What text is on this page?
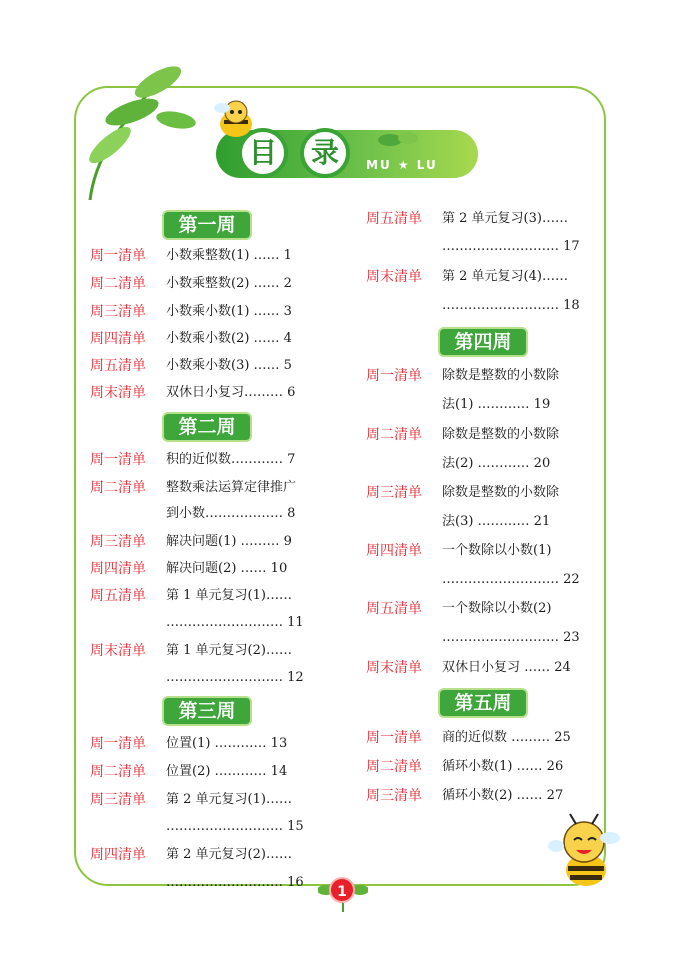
目	录	MU ★ LU
第一周
第二周
第三周
第四周
第五周
周一清单 小数乘整数(1) …… 1
周二清单 小数乘整数(2) …… 2
周三清单 小数乘小数(1) …… 3
周四清单 小数乘小数(2) …… 4
周五清单 小数乘小数(3) …… 5
周末清单 双休日小复习……… 6
周一清单 积的近似数………… 7
周二清单 整数乘法运算定律推广
到小数……………… 8
周三清单 解决问题(1) ……… 9
周四清单 解决问题(2) …… 10
周五清单 第 1 单元复习(1)……
……………………… 11
周末清单 第 1 单元复习(2)……
……………………… 12
周一清单 位置(1) ………… 13
周二清单 位置(2) ………… 14
周三清单 第 2 单元复习(1)……
……………………… 15
周四清单 第 2 单元复习(2)……
……………………… 16
周五清单 第 2 单元复习(3)……
……………………… 17
周末清单 第 2 单元复习(4)……
……………………… 18
周一清单 除数是整数的小数除
法(1) ………… 19
周二清单 除数是整数的小数除
法(2) ………… 20
周三清单 除数是整数的小数除
法(3) ………… 21
周四清单 一个数除以小数(1)
……………………… 22
周五清单 一个数除以小数(2)
……………………… 23
周末清单 双休日小复习 …… 24
周一清单 商的近似数 ……… 25
周二清单 循环小数(1) …… 26
周三清单 循环小数(2) …… 27
1
